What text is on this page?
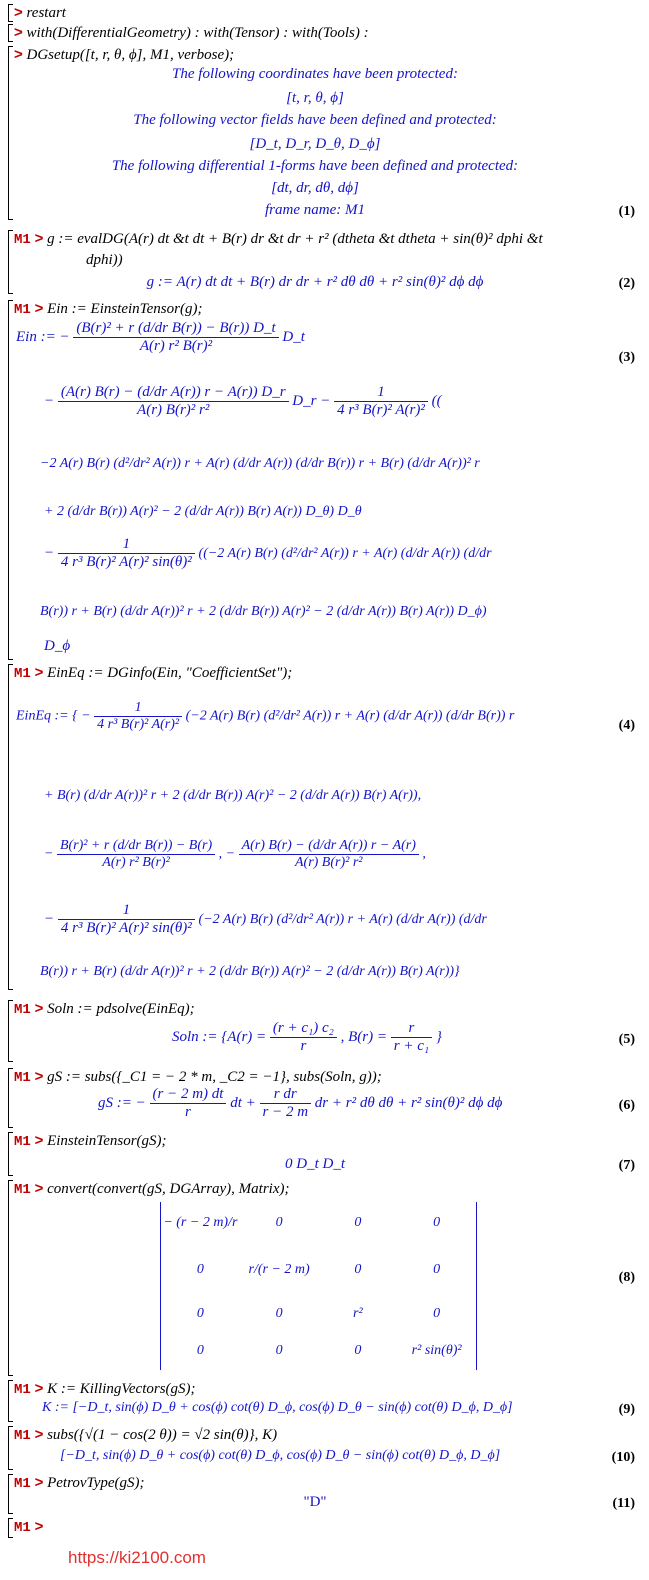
> restart
> with(DifferentialGeometry) : with(Tensor) : with(Tools) :
> DGsetup([t, r, θ, ϕ], M1, verbose);
The following coordinates have been protected:
[t, r, θ, ϕ]
The following vector fields have been defined and protected:
[D_t, D_r, D_θ, D_ϕ]
The following differential 1-forms have been defined and protected:
[dt, dr, dθ, dϕ]
frame name: M1	(1)
M1 > g := evalDG(A(r) dt &t dt + B(r) dr &t dr + r² (dtheta &t dtheta + sin(θ)² dphi &t
dphi))
g := A(r) dt dt + B(r) dr dr + r² dθ dθ + r² sin(θ)² dϕ dϕ	(2)
M1 > Ein := EinsteinTensor(g);
Ein := − $\frac{\text{(B(r)² + r (d/dr B(r)) − B(r)) D\_t}}{\text{A(r) r² B(r)²}}$ D_t
(3)
− $\frac{\text{(A(r) B(r) − (d/dr A(r)) r − A(r)) D\_r}}{\text{A(r) B(r)² r²}}$ D_r − $\frac{1}{\text{4 r³ B(r)² A(r)²}}$ ((
−2 A(r) B(r) (d²/dr² A(r)) r + A(r) (d/dr A(r)) (d/dr B(r)) r + B(r) (d/dr A(r))² r
+ 2 (d/dr B(r)) A(r)² − 2 (d/dr A(r)) B(r) A(r)) D_θ) D_θ
− $\frac{1}{\text{4 r³ B(r)² A(r)² sin(θ)²}} ((-2$ A(r) B(r) (d²/dr² A(r)) r + A(r) (d/dr A(r)) (d/dr
B(r)) r + B(r) (d/dr A(r))² r + 2 (d/dr B(r)) A(r)² − 2 (d/dr A(r)) B(r) A(r)) D_ϕ)
D_ϕ
M1 > EinEq := DGinfo(Ein, "CoefficientSet");
EinEq := { − $\frac{1}{\text{4 r³ B(r)² A(r)²}} (-2$ A(r) B(r) (d²/dr² A(r)) r + A(r) (d/dr A(r)) (d/dr B(r)) r
(4)
+ B(r) (d/dr A(r))² r + 2 (d/dr B(r)) A(r)² − 2 (d/dr A(r)) B(r) A(r)),
− $\frac{\text{B(r)² + r (d/dr B(r)) − B(r)}}{\text{A(r) r² B(r)²}}$ , − $\frac{\text{A(r) B(r) − (d/dr A(r)) r − A(r)}}{\text{A(r) B(r)² r²}}$ ,
− $\frac{1}{\text{4 r³ B(r)² A(r)² sin(θ)²}} (-2$ A(r) B(r) (d²/dr² A(r)) r + A(r) (d/dr A(r)) (d/dr
B(r)) r + B(r) (d/dr A(r))² r + 2 (d/dr B(r)) A(r)² − 2 (d/dr A(r)) B(r) A(r))}
M1 > Soln := pdsolve(EinEq);
Soln := {$A(r) = \frac{\text{(r + c₁) c₂}}{r}$ , $B(r) = \frac{r}{\text{r + c₁}}$ }	(5)
M1 > gS := subs({_C1 = − 2 * m, _C2 = −1}, subs(Soln, g));
gS := − $\frac{(r - 2 m) dt}{r}$ dt + $\frac{\text{r dr}}{r - 2 m}$ dr + r² dθ dθ + r² sin(θ)² dϕ dϕ	(6)
M1 > EinsteinTensor(gS);
0 D_t D_t	(7)
M1 > convert(convert(gS, DGArray), Matrix);
− (r − 2 m)/r	0	0	0
0	r/(r − 2 m)	0	0
0	0	r²	0
0	0	0	r² sin(θ)²
(8)
M1 > K := KillingVectors(gS);
K := [−D_t, sin(ϕ) D_θ + cos(ϕ) cot(θ) D_ϕ, cos(ϕ) D_θ − sin(ϕ) cot(θ) D_ϕ, D_ϕ]	(9)
M1 > subs({√(1 − cos(2 θ)) = √2 sin(θ)}, K)
[−D_t, sin(ϕ) D_θ + cos(ϕ) cot(θ) D_ϕ, cos(ϕ) D_θ − sin(ϕ) cot(θ) D_ϕ, D_ϕ]	(10)
M1 > PetrovType(gS);
"D"	(11)
M1 >
https://ki2100.com
